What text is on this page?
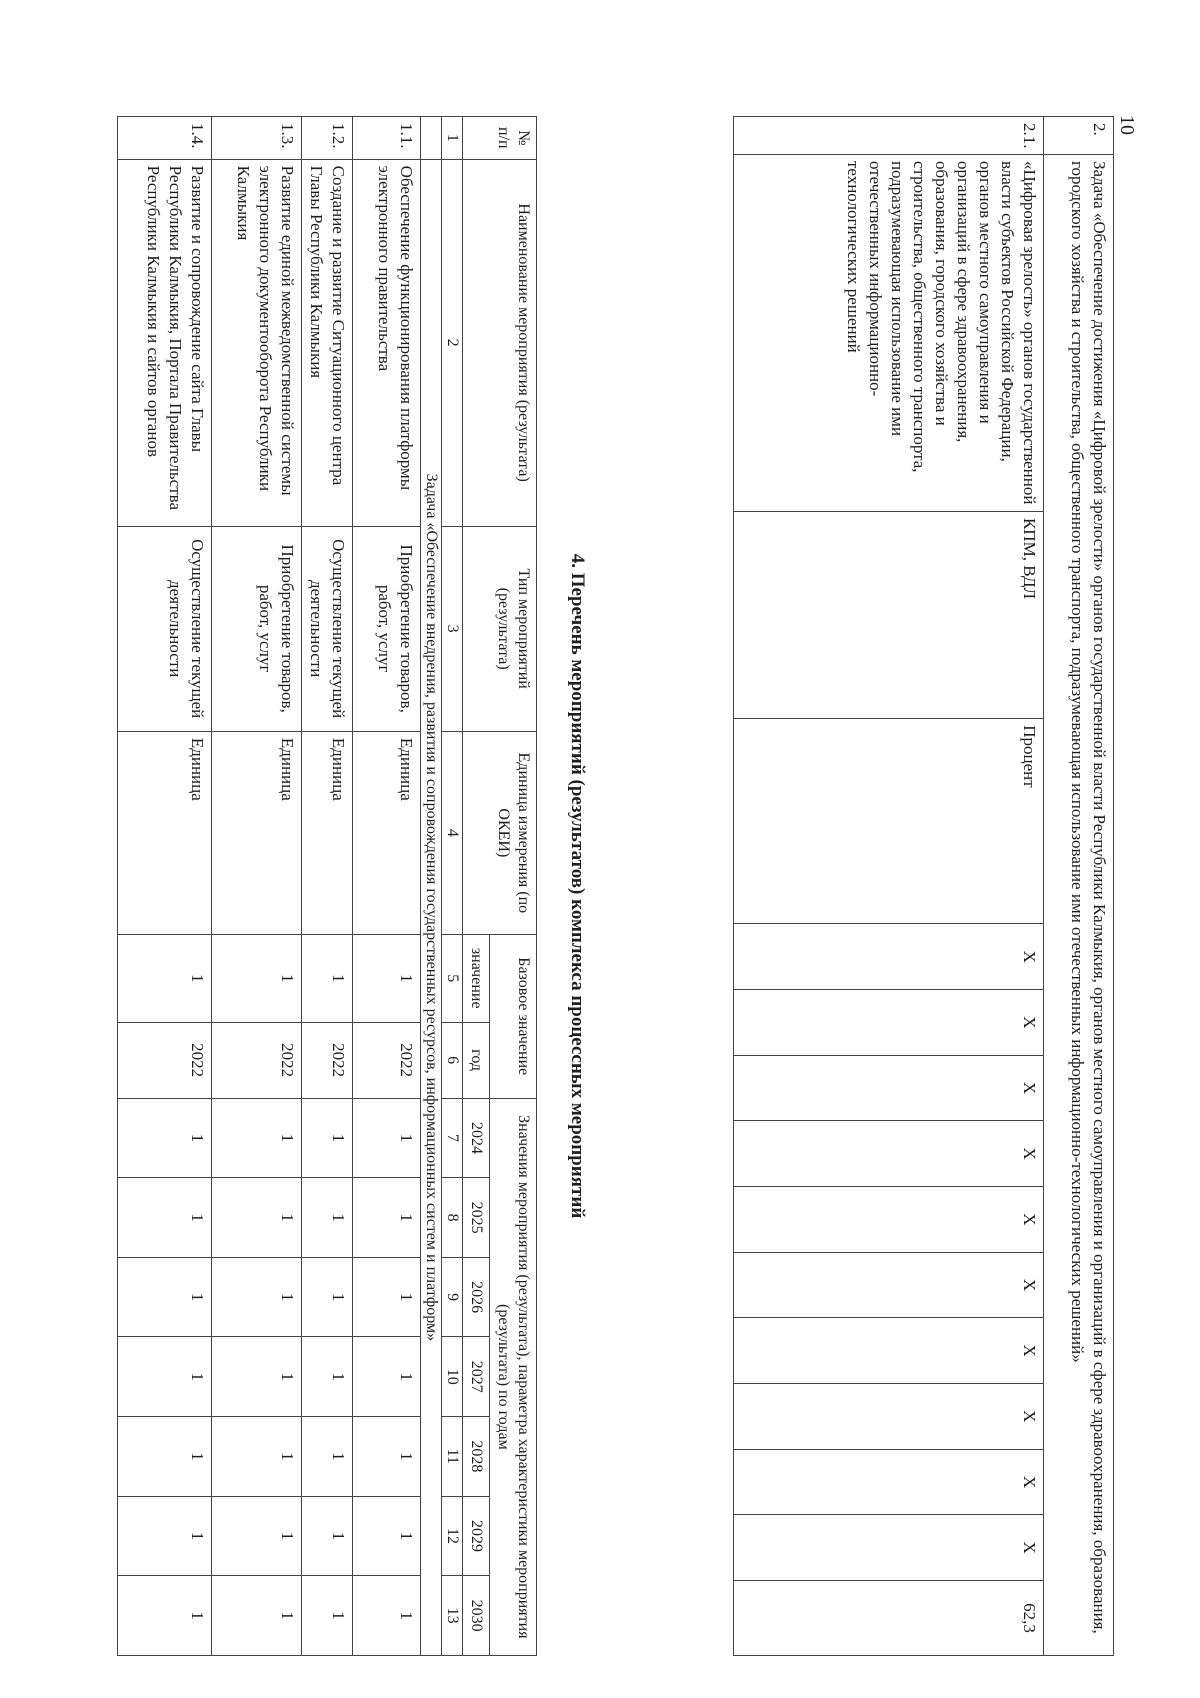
2.	Задача «Обеспечение достижения «Цифровой зрелости» органов государственной власти Республики Калмыкия, органов местного самоуправления и организаций в сфере здравоохранения, образования, городского хозяйства и строительства, общественного транспорта, подразумевающая использование ими отечественных информационно-технологических решений»													
2.1.	«Цифровая зрелость» органов государственной власти субъектов Российской Федерации, органов местного самоуправления и организаций в сфере здравоохранения, образования, городского хозяйства и строительства, общественного транспорта, подразумевающая использование ими отечественных информационно-технологических решений	КПМ, ВДЛ	Процент	Х	Х	Х	Х	Х	Х	Х	Х	Х	Х	62,3
4. Перечень мероприятий (результатов) комплекса процессных мероприятий
№ п/п	Наименование мероприятия (результата)	Тип мероприятий (результата)	Единица измерения (по ОКЕИ)	Базовое значение		Значения мероприятия (результата), параметра характеристики мероприятия (результата) по годам						
				значение	год	2024	2025	2026	2027	2028	2029	2030
1	2	3	4	5	6	7	8	9	10	11	12	13
	Задача «Обеспечение внедрения, развития и сопровождения государственных ресурсов, информационных систем и платформ»											
1.1.	Обеспечение функционирования платформы электронного правительства	Приобретение товаров, работ, услуг	Единица	1	2022	1	1	1	1	1	1	1
1.2.	Создание и развитие Ситуационного центра Главы Республики Калмыкия	Осуществление текущей деятельности	Единица	1	2022	1	1	1	1	1	1	1
1.3.	Развитие единой межведомственной системы электронного документооборота Республики Калмыкия	Приобретение товаров, работ, услуг	Единица	1	2022	1	1	1	1	1	1	1
1.4.	Развитие и сопровождение сайта Главы Республики Калмыкия, Портала Правительства Республики Калмыкия и сайтов органов	Осуществление текущей деятельности	Единица	1	2022	1	1	1	1	1	1	1
10
